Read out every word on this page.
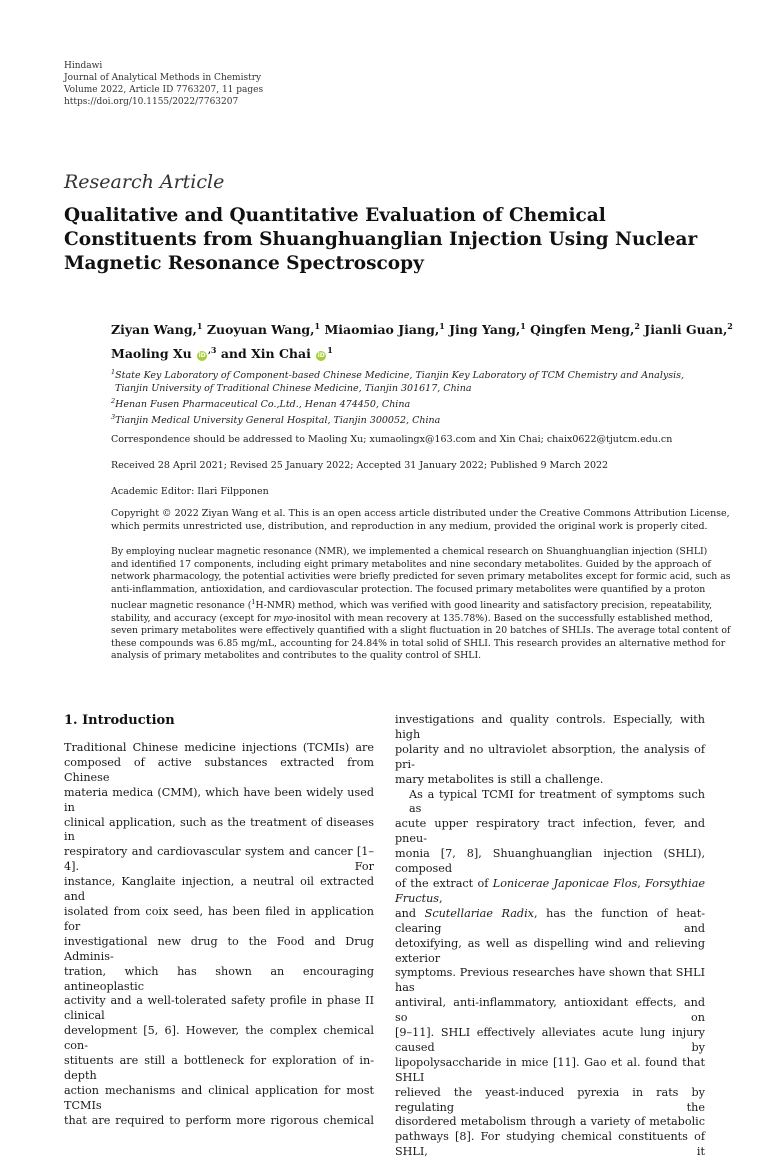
Hindawi
Journal of Analytical Methods in Chemistry
Volume 2022, Article ID 7763207, 11 pages
https://doi.org/10.1155/2022/7763207
Research Article
Qualitative and Quantitative Evaluation of Chemical
Constituents from Shuanghuanglian Injection Using Nuclear
Magnetic Resonance Spectroscopy
Ziyan Wang,$^1$ Zuoyuan Wang,$^1$ Miaomiao Jiang,$^1$ Jing Yang,$^1$ Qingfen Meng,$^2$ Jianli Guan,$^2$
Maoling Xu $iD^{,3}$ and Xin Chai $iD^1$
$^1$State Key Laboratory of Component-based Chinese Medicine, Tianjin Key Laboratory of TCM Chemistry and Analysis,
Tianjin University of Traditional Chinese Medicine, Tianjin 301617, China
$^2$Henan Fusen Pharmaceutical Co.,Ltd., Henan 474450, China
$^3$Tianjin Medical University General Hospital, Tianjin 300052, China
Correspondence should be addressed to Maoling Xu; xumaolingx@163.com and Xin Chai; chaix0622@tjutcm.edu.cn
Received 28 April 2021; Revised 25 January 2022; Accepted 31 January 2022; Published 9 March 2022
Academic Editor: Ilari Filpponen
Copyright © 2022 Ziyan Wang et al. This is an open access article distributed under the Creative Commons Attribution License,
which permits unrestricted use, distribution, and reproduction in any medium, provided the original work is properly cited.
By employing nuclear magnetic resonance (NMR), we implemented a chemical research on Shuanghuanglian injection (SHLI)
and identified 17 components, including eight primary metabolites and nine secondary metabolites. Guided by the approach of
network pharmacology, the potential activities were briefly predicted for seven primary metabolites except for formic acid, such as
anti-inflammation, antioxidation, and cardiovascular protection. The focused primary metabolites were quantified by a proton
nuclear magnetic resonance ($^1$H-NMR) method, which was verified with good linearity and satisfactory precision, repeatability,
stability, and accuracy (except for myo-inositol with mean recovery at 135.78%). Based on the successfully established method,
seven primary metabolites were effectively quantified with a slight fluctuation in 20 batches of SHLIs. The average total content of
these compounds was 6.85 mg/mL, accounting for 24.84% in total solid of SHLI. This research provides an alternative method for
analysis of primary metabolites and contributes to the quality control of SHLI.
1. Introduction
Traditional Chinese medicine injections (TCMIs) are
composed of active substances extracted from Chinese
materia medica (CMM), which have been widely used in
clinical application, such as the treatment of diseases in
respiratory and cardiovascular system and cancer [1–4]. For
instance, Kanglaite injection, a neutral oil extracted and
isolated from coix seed, has been filed in application for
investigational new drug to the Food and Drug Adminis-
tration, which has shown an encouraging antineoplastic
activity and a well-tolerated safety profile in phase II clinical
development [5, 6]. However, the complex chemical con-
stituents are still a bottleneck for exploration of in-depth
action mechanisms and clinical application for most TCMIs
that are required to perform more rigorous chemical
investigations and quality controls. Especially, with high
polarity and no ultraviolet absorption, the analysis of pri-
mary metabolites is still a challenge.
As a typical TCMI for treatment of symptoms such as
acute upper respiratory tract infection, fever, and pneu-
monia [7, 8], Shuanghuanglian injection (SHLI), composed
of the extract of Lonicerae Japonicae Flos, Forsythiae Fructus,
and Scutellariae Radix, has the function of heat-clearing and
detoxifying, as well as dispelling wind and relieving exterior
symptoms. Previous researches have shown that SHLI has
antiviral, anti-inflammatory, antioxidant effects, and so on
[9–11]. SHLI effectively alleviates acute lung injury caused by
lipopolysaccharide in mice [11]. Gao et al. found that SHLI
relieved the yeast-induced pyrexia in rats by regulating the
disordered metabolism through a variety of metabolic
pathways [8]. For studying chemical constituents of SHLI, it
